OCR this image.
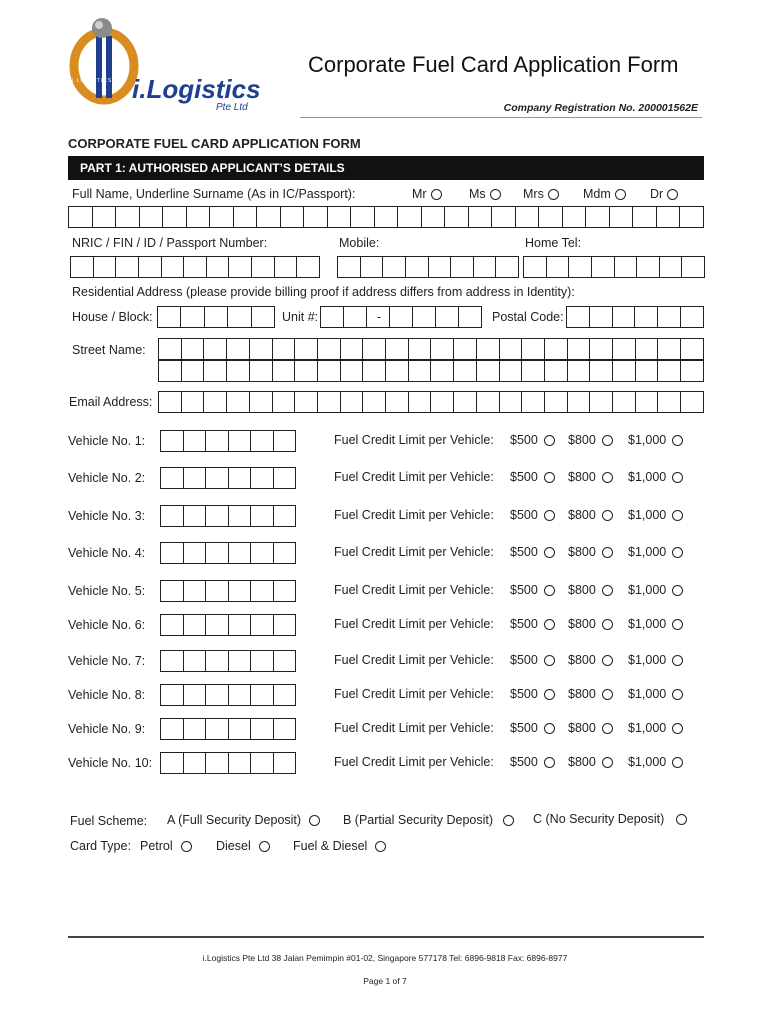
i.LOGISTICS i.Logistics
Pte Ltd
Corporate Fuel Card Application Form
Company Registration No. 200001562E
CORPORATE FUEL CARD APPLICATION FORM
PART 1: AUTHORISED APPLICANT’S DETAILS
Full Name, Underline Surname (As in IC/Passport):	Mr	Ms	Mrs	Mdm	Dr
NRIC / FIN / ID / Passport Number:	Mobile:	Home Tel:
Residential Address (please provide billing proof if address differs from address in Identity):
House / Block:	Unit #:	-	Postal Code:
Street Name:
Email Address:
Vehicle No. 1:	Fuel Credit Limit per Vehicle: $500	$800	$1,000
Vehicle No. 2:	Fuel Credit Limit per Vehicle: $500	$800	$1,000
Vehicle No. 3:	Fuel Credit Limit per Vehicle: $500	$800	$1,000
Vehicle No. 4:	Fuel Credit Limit per Vehicle: $500	$800	$1,000
Vehicle No. 5:	Fuel Credit Limit per Vehicle: $500	$800	$1,000
Vehicle No. 6:	Fuel Credit Limit per Vehicle: $500	$800	$1,000
Vehicle No. 7:	Fuel Credit Limit per Vehicle: $500	$800	$1,000
Vehicle No. 8:	Fuel Credit Limit per Vehicle: $500	$800	$1,000
Vehicle No. 9:	Fuel Credit Limit per Vehicle: $500	$800	$1,000
Vehicle No. 10:	Fuel Credit Limit per Vehicle: $500	$800	$1,000
Fuel Scheme: A (Full Security Deposit)	B (Partial Security Deposit)	C (No Security Deposit)
Card Type: Petrol	Diesel	Fuel & Diesel
i.Logistics Pte Ltd 38 Jalan Pemimpin #01-02, Singapore 577178 Tel: 6896-9818 Fax: 6896-8977
Page 1 of 7
